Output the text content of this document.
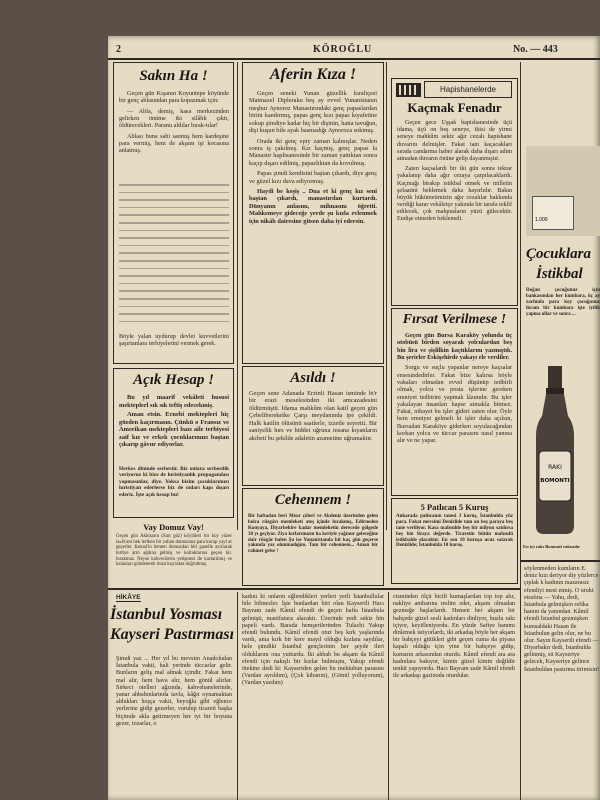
2	KÖROĞLU	No. — 443
Sakın Ha !

Geçen gün Kışanın Koyuntepe köyünde bir genç ablasından para kopazmak için:

— Abla, demiş, kasa merkezinden gelirken önüme iki silâhlı çıktı, öldürecekleri. Paramı aldılar bırak-tılar!

Ablası buna sahi sanmış hem kardeşine para vermiş, hem de akşam işi kocasına anlatmış.

Böyle yalan uydurup devlet kuvvetlerini şaşırtanlara terbiyelerini vermek gerek.
Açık Hesap !

Bu yıl maarif vekâleti hususi mekteplerl sık sık teftiş edecekmiş.

Aman etsin. Ecnebi mektepleri hiç gözden kaçırmasın. Çünkü o Fransız ve Amerikan mektepleri bazı aile terbiyesi zaif kız ve erkek çocuklarımızı baştan çıkarıp gâvur ediyorlar.

Herkes dininde serbestir. Biz onlara serbestlik veriyoruz ki bize de hıristiyanlık propagandası yapmasınlar, diye. Yoksa bizim çocuklarımızı hıristiyan ederlerse biz de onları kapı dışarı ederiz. İşte açık hesap bu!
Vay Domuz Vay!
Geçen gün Akhisarın (Sarı göz) köylüleri bir koy yüzer ta»fs'ara bek lerlken bir yaban domuzuna para kurup yayl ar geçerler. Kemal'in hemen domuzdan biri gazelle ayrılarak hırtiye atrn ağdına gelmiş ve koltuklarına geçen bir. bırakmaz. Neyse kahvecilerin yetişmesi ile kurtarılmış ve kalanları göndererek imza kuyrukta doğrulmuş.
Aferin Kıza !

Geçen seneki Yunan güzellik kıraliçesi Matmazel Dipleraku beş ay evvel Yunanistanın meşhur Aynoroz Manastırındaki genç papaslardan birini kandırmış, papas genç kızı papas kıyafetine sokup şimdiye kadar hiç bir dişinin, hatta tavuğun, dişi kuşun bile ayak basmadığı Aynoroza sokmuş.

Orada iki genç epiy zaman kalmışlar. Neden sonra iş çakılmış. Kız kaçmış, genç papas la Manastır haplisanesinde bir zaman yattıktan sonra kaçıp dışarı edilmiş, papazlıktan da kovulmuş.

Papas şimdi kendisini baştan çıkardı, diye genç ve güzel kızı dava ediyormuş.

Haydi be keşiş .. Dua et ki genç kız seni baştan çıkardı, manastırdan kurtardı. Dünyanın anlasını, mihnasını öğretti. Mahkemeye gideceğe yerde şu kızla evlenmek için nikâh dairesine gitsen daha iyi edersin.

Asıldı !
Geçen sene Adanada Erzinli Hasan isminde bi'r bir erazi meselesinden iki amcazadesini öldürmüştü. İdama mahkûm olan katil geçen gün Çebelibereketke Çarşı meydanında ipe çekildi. Halk katilin ölüsünü saatlerle, izzetle seyretti. Bir saniyelik hırs ve hiddet uğruna insana kıyanların akıbeti bu şekilde adaletin azametine uğramaktır.
Cehennem !
Bir haftadan beri Mısır çöleri ve Akdeniz üzerinden gelen bolca rüzgârı memleketi ateş içinde bırakmış, Edirneden Konyaya, Diyarbekire kadar memleketin derecede gölgede 38 yı geçiyor. Ziya kırlarımızın ha keriyle yağmur geleceğine dair rüzgâr halen Şu ise Yunanistanda bir kaç gün geçerse yakında yaz olunmadığını. Tam bir cehennem... Aman bir rahmet gelse !
Hapishanelerde
Kaçmak Fenadır

Geçen gece Uşşak hapishanesinde üçü idama, üçü on beş seneye, ikisi de yirmi seneye mahkûm sekiz ağır cezalı hapishane duvarını delmişler. Fakat tam kaçacakları sırada candarma haber alarak daha dışarı adım atmadan duvarın önüne gelip dayanmıştır.

Zaten kaçsalardı bir iki gün sonra tekrar yakalanıp daha ağır cezaya çarpılacaklardı. Kaçmağı birakıp istikbal otmek ve milletin şefaatini beklemek daha hayırlıdır. Bakın büyük hükümetimizin ağır cezalılar hakkında verdiği karar vekâletçe yakında bir tarafa teklif edilecek, çok mahpusların yüzü gülecektir. Endişe etmeden beklemeli.

Fırsat Verilmese !

Geçen gün Bursa Karaköy yolunda üç otobüsü birden soyarak yolculardan beş bin lira ve şişlilkin kaçtıklarını yazmıştık. Bu şerirler Eskişehirde yakayı ele verdiler.

Sorgu ve suçlu yapanlar nereye kaçsalar ensesindedirler. Fakat bize kalırsa böyle vakaları olmadan evvel düşünüp tedbirli olmak, yolcu ve posta işlerine gereken emniyet tedbirini yapmak lâzımdır. Bu işler yakalayan insanları hapse atmakla bitmez. Fakat, nihayet bu işler gideri zaten olur. Öyle hem emniyet gelmeli ki işler daha açılsın, Bursadan Karaköye giderken soyulacağından korkan yolcu ve tüccar parasını nasıl yanına alır ve ne yapar.

5 Patlıcan 5 Kuruş
Ankarada patlıcanın tanesi 3 kuruş, İstanbulda yüz para. Fakat mevsimi Denizlide tam on beş paraya beş tane veriliyor. Kasa mahsulde beş bir milyon satılırsa beş bin liraya değerde. Ticaretin bütün mahsulü istikbalde olacaktır. En son 10 kuruşa ucuz satarak Denizlide; İstanbulda 10 kuruş.
1.000
Çocuklara
İstikbal
Doğan çocuğunuz için bankasından her kumbara, üç ay zarfında para koy çocuğunuz ikram bir kumbara işte iyilik yapma ollar ve sonra ...
RAKI
BOMONTI
En iyi rakı Bomonti rakısıdır
HİKÂYE
İstanbul Yosması
Kayseri Pastırması
Şimdi yaz ... Her yıl bu mevsim Anadoludan İstanbula vakti, hali yerinde tüccarlar gelir. Bunların geliş mal almak içindir. Fakat hem mal alır, hem hava alır, hem gönül alırlar. Sirkeci otelleri ağzında, kahvehanelerinde, yanar ahbabınlarinda tavla, kâğıt oynamaktan aldukları hoşça vakit, beyoğlu gibi eğlence yerlerine gidip gezerler, vurulup ticareti başka biçimde akla getirmeyen her iyi bir boyuna gezer, tozarlar, o
kadını ki onların eğlendikleri yerleri yerli İstanbullular bile bilmezler. İşte bunlardan biri olan Kayserili Hacı Bayram zade Kâmil efendi de geçen hafta İstanbula gelmişti, manifatura alacaktı. Üzerinde yedi sekiz bin papeli vardı. Barada hemşerilerinden Tulachi Yakup efendi bulundu. Kâmil efendi otuz beş kırk yaşlarında vardı, ama kırk bir kere mayıl olduğu kızlara saydılar, hele şimdiki İstanbul gençlerinin her şeyde ileri olduklarını ona yutturdu. İki ahbab bu akşam da Kâmil efendi için nakışlı bir kızlar bulmuştu, Yakup efendi ötekine dedi ki: Kayseriden gelen bu mektubun parasını (Vardan ayrıldım), (Çok kibarım), (Gönül yolluyorum), (Vardan yazdım)
cisminden ölçü bicili kumaşlardan top top alır, nakliye ambarına teslim eder, akşam olmadan gezmeğe başlarlardı. Hemen her akşam bir bahçede güzel sesli kadınları dinliyor, buzlu rakı içiyor, keyifleniyordu. En yüzde Safiye hanımı dinlemek istiyorlardı, iki arkadaş böyle her akşam bir bahçeyi gittikleri gibi geçen cuma da piyasa kapalı olduğu için yine bir bahçeye gidip, kumarın arkasından oturdu. Kâmil efendi ara ara kadınlara bakıyor, kimin güzel kimin değildir tenkit yapıyordu. Hacı Bayram zade Kâmil efendi ile arkadaşı gazinoda oturdular.
söylenmeden kumların E. deniz kızı deriyor diy yüzlerce çıplak k kadının mazarasız efendiyi mest etmiş. O urukt etrafına — Yahu, dedi, İstanbula gelmişken refika hanım da yanından. Kâmil efendi İstanbul gezmişken kumsaldaki Hasan ile İstanbulun gelin olur, ne bu olur. Sayın Kayserili efendi — Diyarbakır dedi, İstanbulda gelinmiş, sü Kayseriye gelecek, Kayseriye gelince İstanbuldan pastırma tirimisin!
